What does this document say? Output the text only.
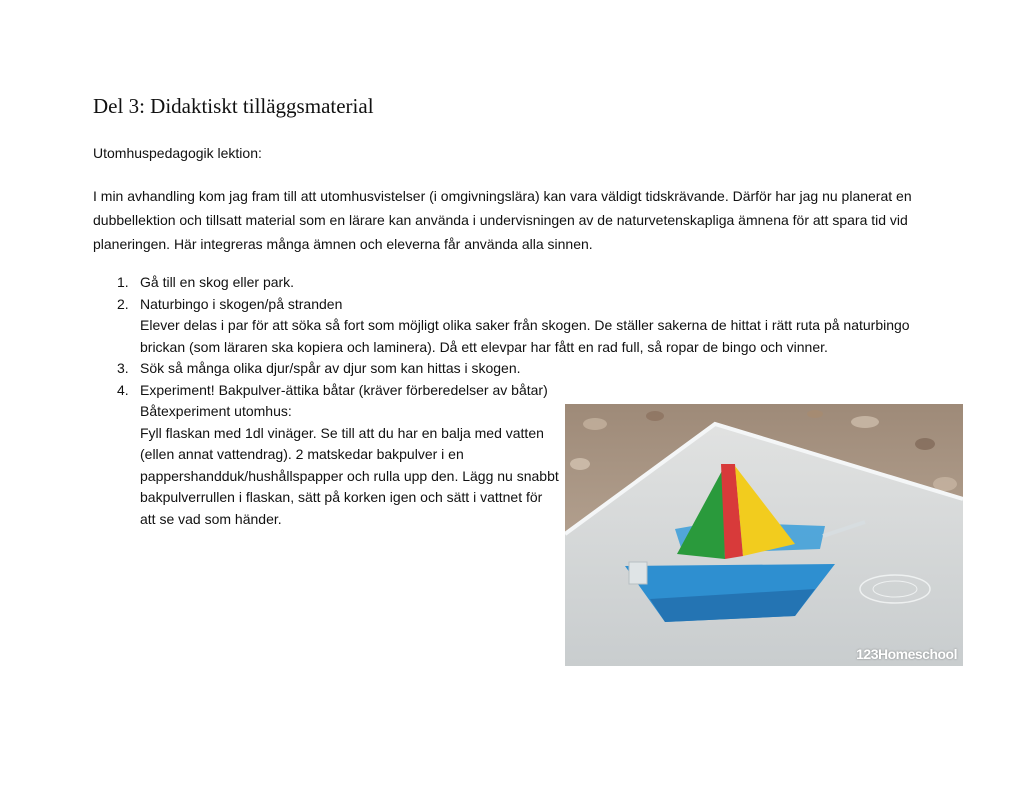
Del 3: Didaktiskt tilläggsmaterial

Utomhuspedagogik lektion:

I min avhandling kom jag fram till att utomhusvistelser (i omgivningslära) kan vara väldigt tidskrävande. Därför har jag nu planerat en dubbellektion och tillsatt material som en lärare kan använda i undervisningen av de naturvetenskapliga ämnena för att spara tid vid planeringen. Här integreras många ämnen och eleverna får använda alla sinnen.

1. Gå till en skog eller park.
2. Naturbingo i skogen/på stranden
Elever delas i par för att söka så fort som möjligt olika saker från skogen. De ställer sakerna de hittat i rätt ruta på naturbingo brickan (som läraren ska kopiera och laminera). Då ett elevpar har fått en rad full, så ropar de bingo och vinner.
3. Sök så många olika djur/spår av djur som kan hittas i skogen.
4. Experiment! Bakpulver-ättika båtar (kräver förberedelser av båtar)
Båtexperiment utomhus:
Fyll flaskan med 1dl vinäger. Se till att du har en balja med vatten (ellen annat vattendrag). 2 matskedar bakpulver i en pappershandduk/hushållspapper och rulla upp den. Lägg nu snabbt bakpulverrullen i flaskan, sätt på korken igen och sätt i vattnet för att se vad som händer.
123Homeschool
